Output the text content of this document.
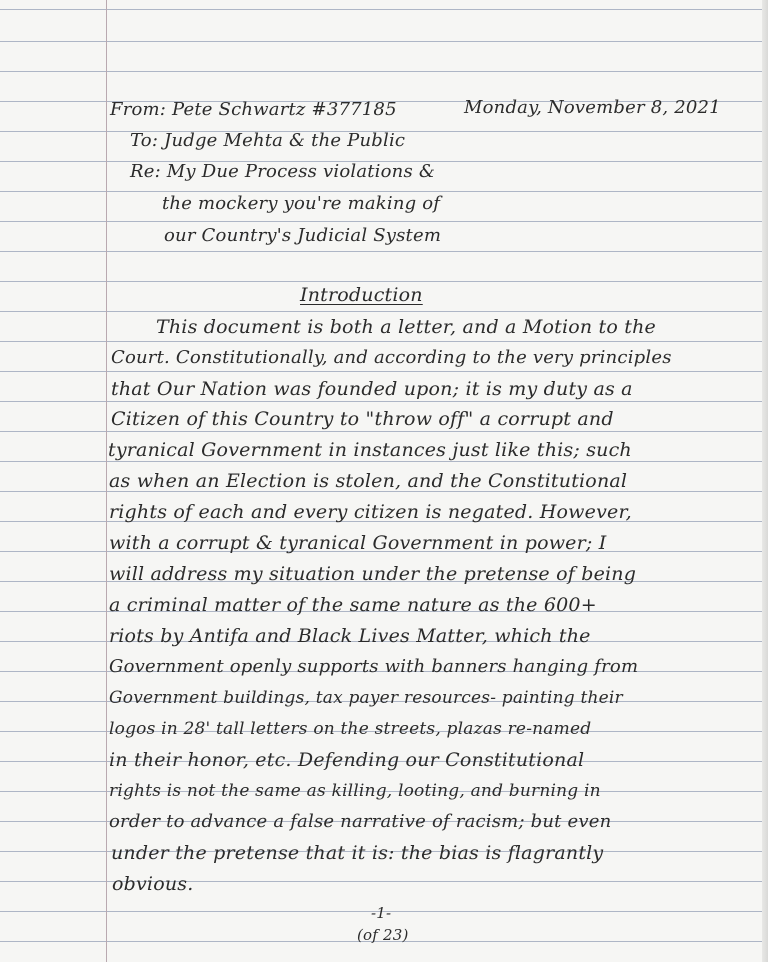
From: Pete Schwartz #377185	Monday, November 8, 2021
To: Judge Mehta & the Public
Re: My Due Process violations &
the mockery you're making of
our Country's Judicial System
Introduction
This document is both a letter, and a Motion to the
Court. Constitutionally, and according to the very principles
that Our Nation was founded upon; it is my duty as a
Citizen of this Country to "throw off" a corrupt and
tyranical Government in instances just like this; such
as when an Election is stolen, and the Constitutional
rights of each and every citizen is negated. However,
with a corrupt & tyranical Government in power; I
will address my situation under the pretense of being
a criminal matter of the same nature as the 600+
riots by Antifa and Black Lives Matter, which the
Government openly supports with banners hanging from
Government buildings, tax payer resources- painting their
logos in 28' tall letters on the streets, plazas re-named
in their honor, etc. Defending our Constitutional
rights is not the same as killing, looting, and burning in
order to advance a false narrative of racism; but even
under the pretense that it is: the bias is flagrantly
obvious.
-1-
(of 23)
